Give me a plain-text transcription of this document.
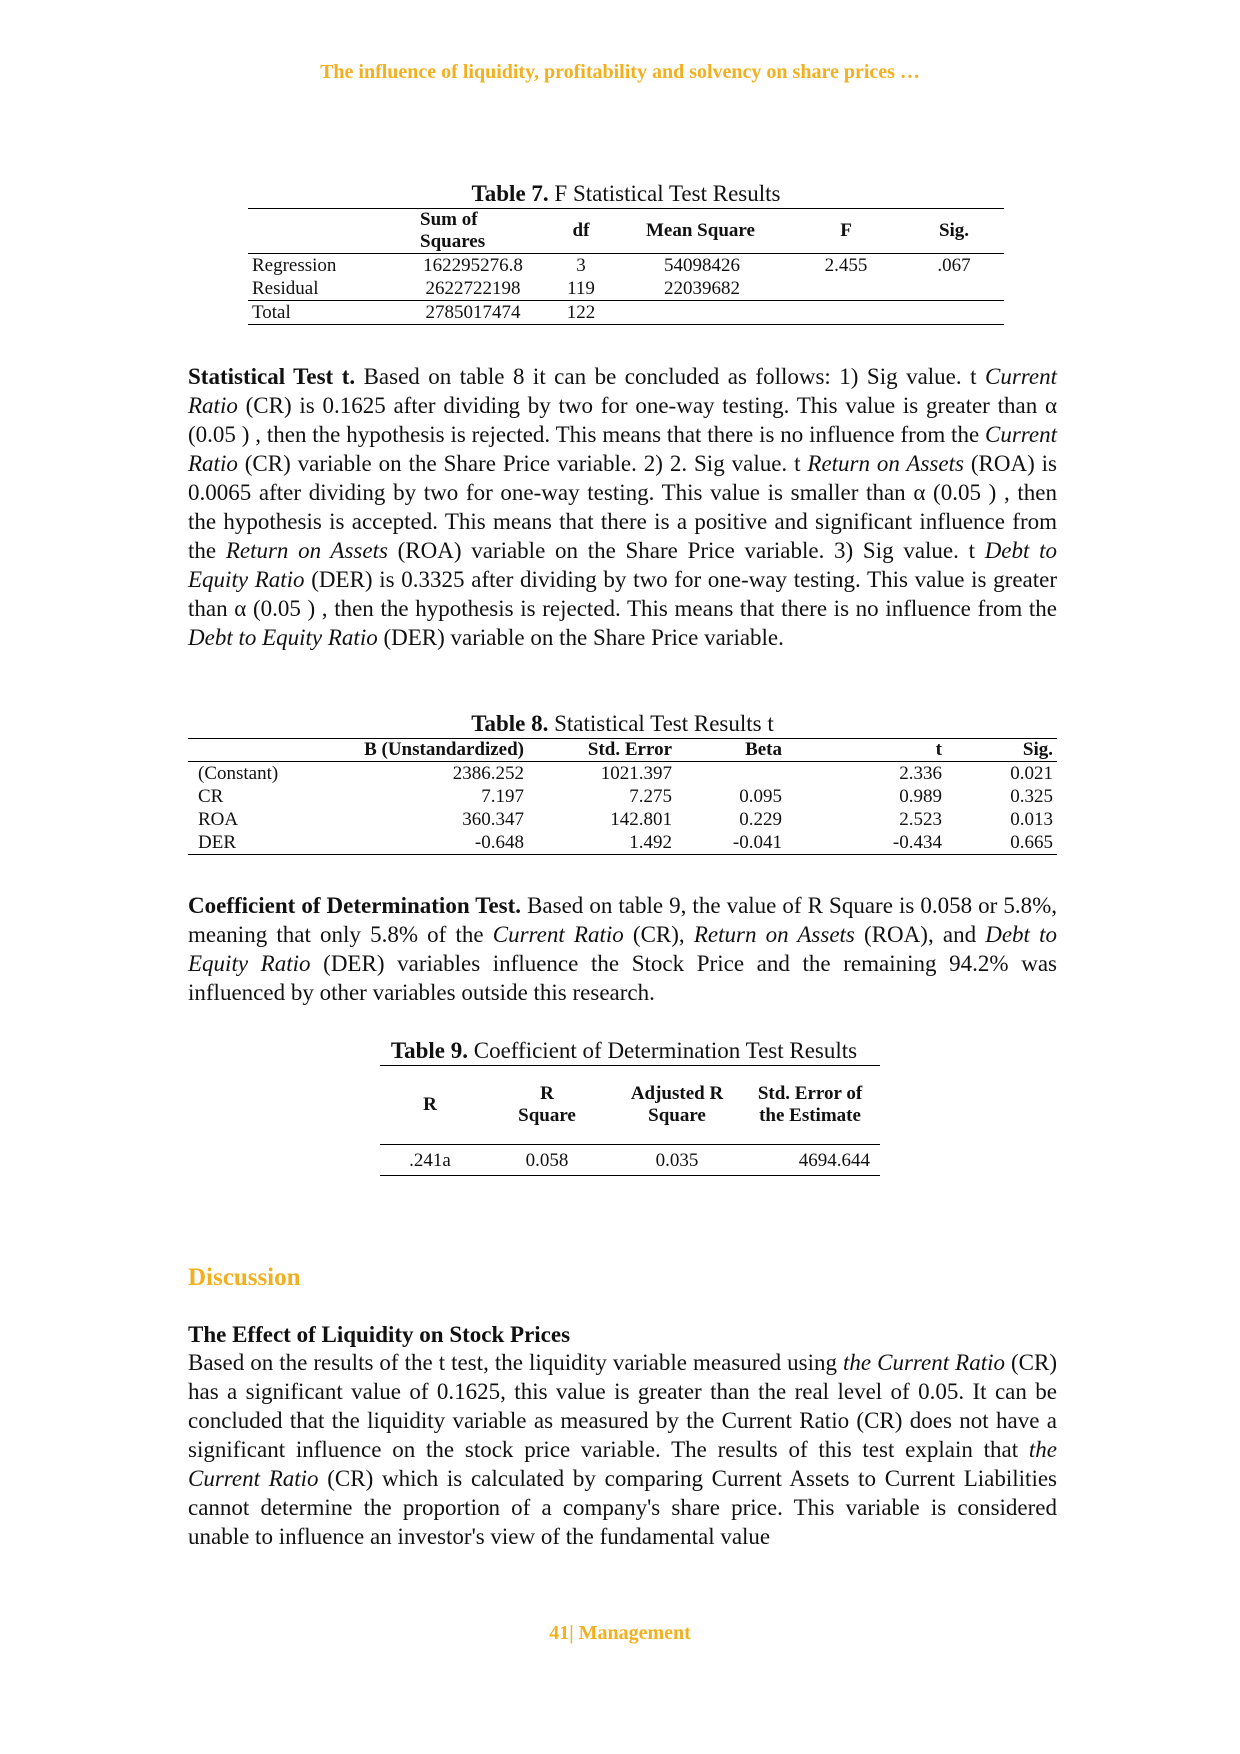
The influence of liquidity, profitability and solvency on share prices …
Table 7. F Statistical Test Results
	Sum of Squares	df	Mean Square	F	Sig.
Regression	162295276.8	3	54098426	2.455	.067
Residual	2622722198	119	22039682		
Total	2785017474	122			

Statistical Test t. Based on table 8 it can be concluded as follows: 1) Sig value. t Current Ratio (CR) is 0.1625 after dividing by two for one-way testing. This value is greater than α (0.05 ) , then the hypothesis is rejected. This means that there is no influence from the Current Ratio (CR) variable on the Share Price variable. 2) 2. Sig value. t Return on Assets (ROA) is 0.0065 after dividing by two for one-way testing. This value is smaller than α (0.05 ) , then the hypothesis is accepted. This means that there is a positive and significant influence from the Return on Assets (ROA) variable on the Share Price variable. 3) Sig value. t Debt to Equity Ratio (DER) is 0.3325 after dividing by two for one-way testing. This value is greater than α (0.05 ) , then the hypothesis is rejected. This means that there is no influence from the Debt to Equity Ratio (DER) variable on the Share Price variable.

Table 8. Statistical Test Results t
	B (Unstandardized)	Std. Error	Beta	t	Sig.
(Constant)	2386.252	1021.397		2.336	0.021
CR	7.197	7.275	0.095	0.989	0.325
ROA	360.347	142.801	0.229	2.523	0.013
DER	-0.648	1.492	-0.041	-0.434	0.665

Coefficient of Determination Test. Based on table 9, the value of R Square is 0.058 or 5.8%, meaning that only 5.8% of the Current Ratio (CR), Return on Assets (ROA), and Debt to Equity Ratio (DER) variables influence the Stock Price and the remaining 94.2% was influenced by other variables outside this research.

Table 9. Coefficient of Determination Test Results
R	R Square	Adjusted R Square	Std. Error of the Estimate
.241a	0.058	0.035	4694.644
Discussion
The Effect of Liquidity on Stock Prices

Based on the results of the t test, the liquidity variable measured using the Current Ratio (CR) has a significant value of 0.1625, this value is greater than the real level of 0.05. It can be concluded that the liquidity variable as measured by the Current Ratio (CR) does not have a significant influence on the stock price variable. The results of this test explain that the Current Ratio (CR) which is calculated by comparing Current Assets to Current Liabilities cannot determine the proportion of a company's share price. This variable is considered unable to influence an investor's view of the fundamental value

41| Management
